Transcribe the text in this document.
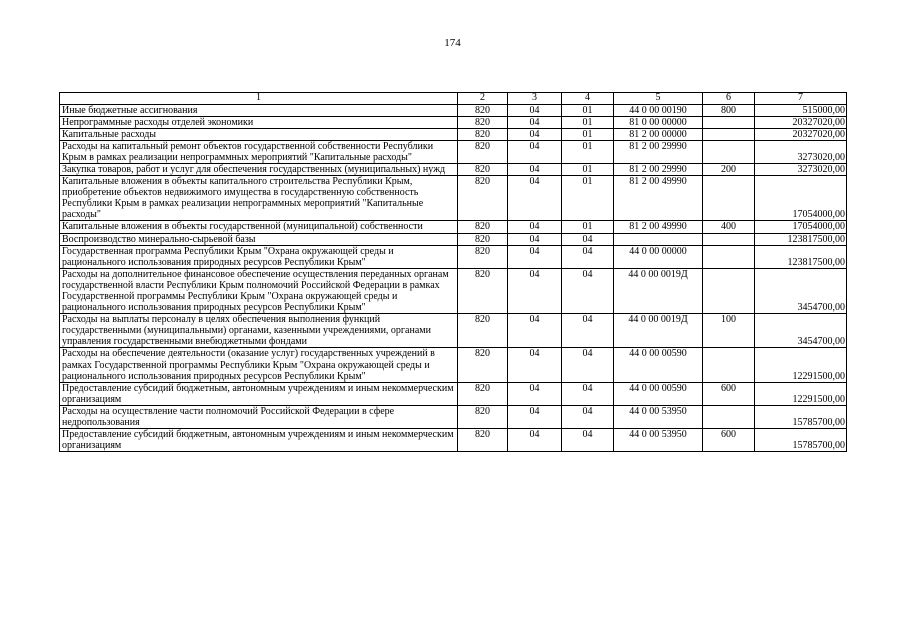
174
1	2	3	4	5	6	7
Иные бюджетные ассигнования	820	04	01	44 0 00 00190	800	515000,00
Непрограммные расходы отделей экономики	820	04	01	81 0 00 00000		20327020,00
Капитальные расходы	820	04	01	81 2 00 00000		20327020,00
Расходы на капитальный ремонт объектов государственной собственности Республики Крым в рамках реализации непрограммных мероприятий "Капитальные расходы"	820	04	01	81 2 00 29990		3273020,00
Закупка товаров, работ и услуг для обеспечения государственных (муниципальных) нужд	820	04	01	81 2 00 29990	200	3273020,00
Капитальные вложения в объекты капитального строительства Республики Крым, приобретение объектов недвижимого имущества в государственную собственность Республики Крым в рамках реализации непрограммных мероприятий "Капитальные расходы"	820	04	01	81 2 00 49990		17054000,00
Капитальные вложения в объекты государственной (муниципальной) собственности	820	04	01	81 2 00 49990	400	17054000,00
Воспроизводство минерально-сырьевой базы	820	04	04			123817500,00
Государственная программа Республики Крым "Охрана окружающей среды и рационального использования природных ресурсов Республики Крым"	820	04	04	44 0 00 00000		123817500,00
Расходы на дополнительное финансовое обеспечение осуществления переданных органам государственной власти Республики Крым полномочий Российской Федерации в рамках Государственной программы Республики Крым "Охрана окружающей среды и рационального использования природных ресурсов Республики Крым"	820	04	04	44 0 00 0019Д		3454700,00
Расходы на выплаты персоналу в целях обеспечения выполнения функций государственными (муниципальными) органами, казенными учреждениями, органами управления государственными внебюджетными фондами	820	04	04	44 0 00 0019Д	100	3454700,00
Расходы на обеспечение деятельности (оказание услуг) государственных учреждений в рамках Государственной программы Республики Крым "Охрана окружающей среды и рационального использования природных ресурсов Республики Крым"	820	04	04	44 0 00 00590		12291500,00
Предоставление субсидий бюджетным, автономным учреждениям и иным некоммерческим организациям	820	04	04	44 0 00 00590	600	12291500,00
Расходы на осуществление части полномочий Российской Федерации в сфере недропользования	820	04	04	44 0 00 53950		15785700,00
Предоставление субсидий бюджетным, автономным учреждениям и иным некоммерческим организациям	820	04	04	44 0 00 53950	600	15785700,00
